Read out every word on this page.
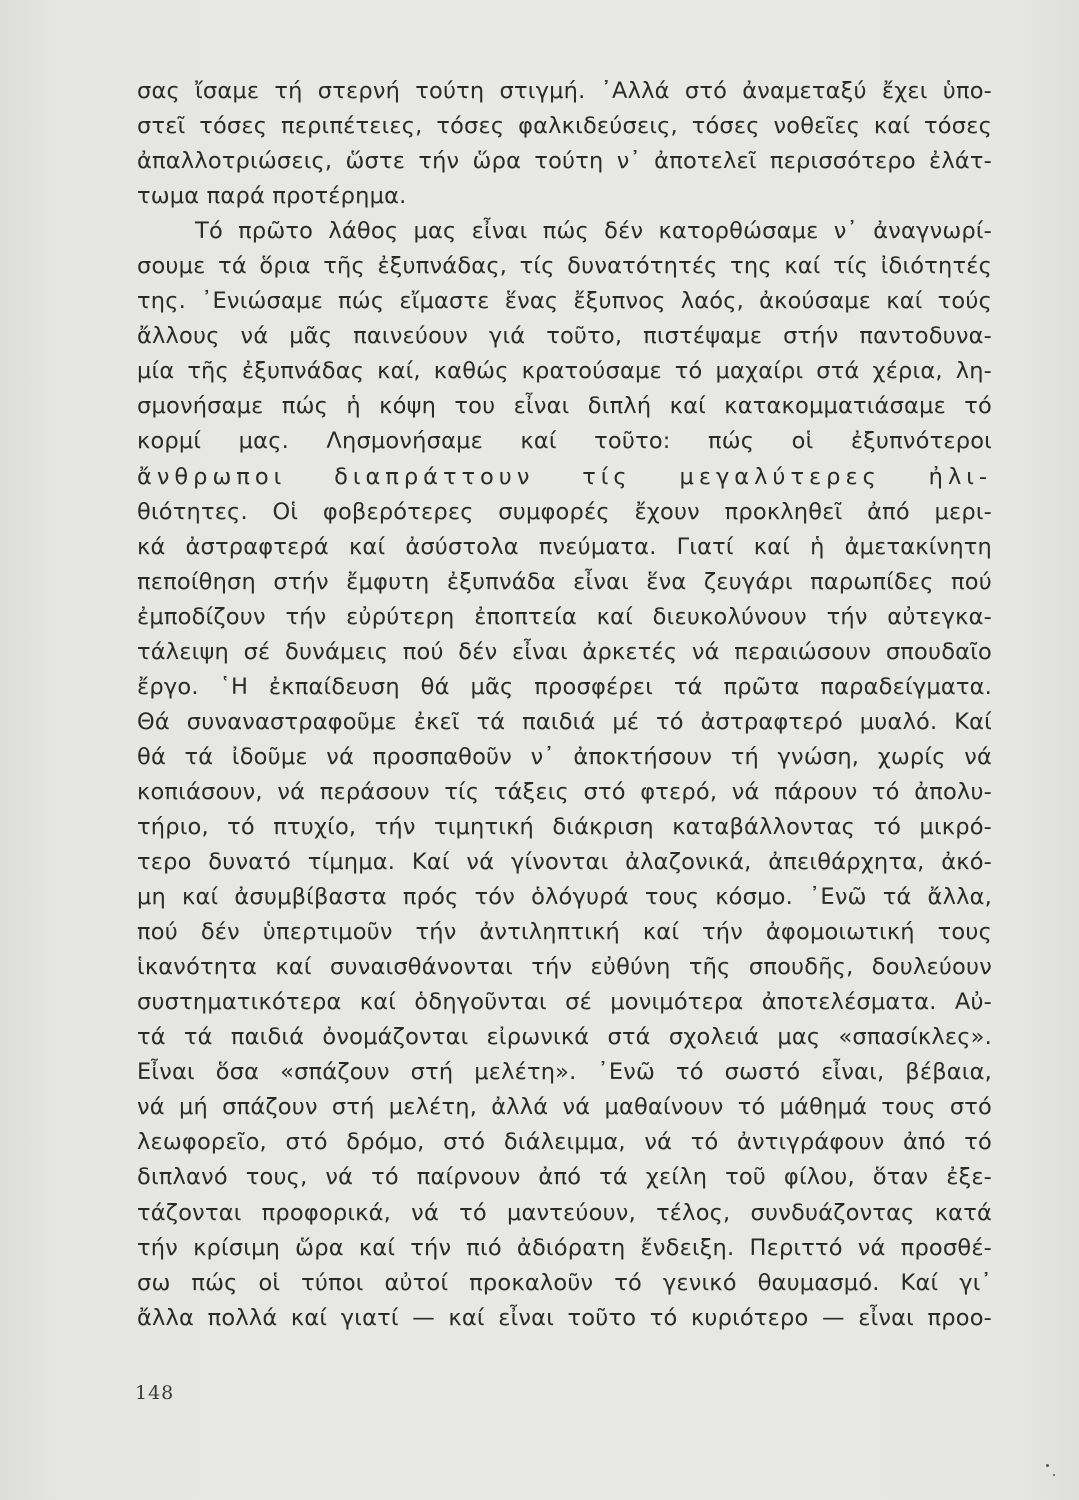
σας ἴσαμε τή στερνή τούτη στιγμή. ᾿Αλλά στό ἀναμεταξύ ἔχει ὑπο-
στεῖ τόσες περιπέτειες, τόσες φαλκιδεύσεις, τόσες νοθεῖες καί τόσες
ἀπαλλοτριώσεις, ὥστε τήν ὥρα τούτη ν᾿ ἀποτελεῖ περισσότερο ἐλάτ-
τωμα παρά προτέρημα.
Τό πρῶτο λάθος μας εἶναι πώς δέν κατορθώσαμε ν᾿ ἀναγνωρί-
σουμε τά ὅρια τῆς ἐξυπνάδας, τίς δυνατότητές της καί τίς ἰδιότητές
της. ᾿Ενιώσαμε πώς εἴμαστε ἕνας ἔξυπνος λαός, ἀκούσαμε καί τούς
ἄλλους νά μᾶς παινεύουν γιά τοῦτο, πιστέψαμε στήν παντοδυνα-
μία τῆς ἐξυπνάδας καί, καθώς κρατούσαμε τό μαχαίρι στά χέρια, λη-
σμονήσαμε πώς ἡ κόψη του εἶναι διπλή καί κατακομματιάσαμε τό
κορμί μας. Λησμονήσαμε καί τοῦτο: πώς οἱ ἐξυπνότεροι
ἄνθρωποι διαπράττουν τίς μεγαλύτερες ἠλι-
θιότητες. Οἱ φοβερότερες συμφορές ἔχουν προκληθεῖ ἀπό μερι-
κά ἀστραφτερά καί ἀσύστολα πνεύματα. Γιατί καί ἡ ἀμετακίνητη
πεποίθηση στήν ἔμφυτη ἐξυπνάδα εἶναι ἕνα ζευγάρι παρωπίδες πού
ἐμποδίζουν τήν εὐρύτερη ἐποπτεία καί διευκολύνουν τήν αὐτεγκα-
τάλειψη σέ δυνάμεις πού δέν εἶναι ἀρκετές νά περαιώσουν σπουδαῖο
ἔργο. ῾Η ἐκπαίδευση θά μᾶς προσφέρει τά πρῶτα παραδείγματα.
Θά συναναστραφοῦμε ἐκεῖ τά παιδιά μέ τό ἀστραφτερό μυαλό. Καί
θά τά ἰδοῦμε νά προσπαθοῦν ν᾿ ἀποκτήσουν τή γνώση, χωρίς νά
κοπιάσουν, νά περάσουν τίς τάξεις στό φτερό, νά πάρουν τό ἀπολυ-
τήριο, τό πτυχίο, τήν τιμητική διάκριση καταβάλλοντας τό μικρό-
τερο δυνατό τίμημα. Καί νά γίνονται ἀλαζονικά, ἀπειθάρχητα, ἀκό-
μη καί ἀσυμβίβαστα πρός τόν ὁλόγυρά τους κόσμο. ᾿Ενῶ τά ἄλλα,
πού δέν ὑπερτιμοῦν τήν ἀντιληπτική καί τήν ἀφομοιωτική τους
ἱκανότητα καί συναισθάνονται τήν εὐθύνη τῆς σπουδῆς, δουλεύουν
συστηματικότερα καί ὁδηγοῦνται σέ μονιμότερα ἀποτελέσματα. Αὐ-
τά τά παιδιά ὀνομάζονται εἰρωνικά στά σχολειά μας «σπασίκλες».
Εἶναι ὅσα «σπάζουν στή μελέτη». ᾿Ενῶ τό σωστό εἶναι, βέβαια,
νά μή σπάζουν στή μελέτη, ἀλλά νά μαθαίνουν τό μάθημά τους στό
λεωφορεῖο, στό δρόμο, στό διάλειμμα, νά τό ἀντιγράφουν ἀπό τό
διπλανό τους, νά τό παίρνουν ἀπό τά χείλη τοῦ φίλου, ὅταν ἐξε-
τάζονται προφορικά, νά τό μαντεύουν, τέλος, συνδυάζοντας κατά
τήν κρίσιμη ὥρα καί τήν πιό ἀδιόρατη ἔνδειξη. Περιττό νά προσθέ-
σω πώς οἱ τύποι αὐτοί προκαλοῦν τό γενικό θαυμασμό. Καί γι᾿
ἄλλα πολλά καί γιατί — καί εἶναι τοῦτο τό κυριότερο — εἶναι προο-
148
